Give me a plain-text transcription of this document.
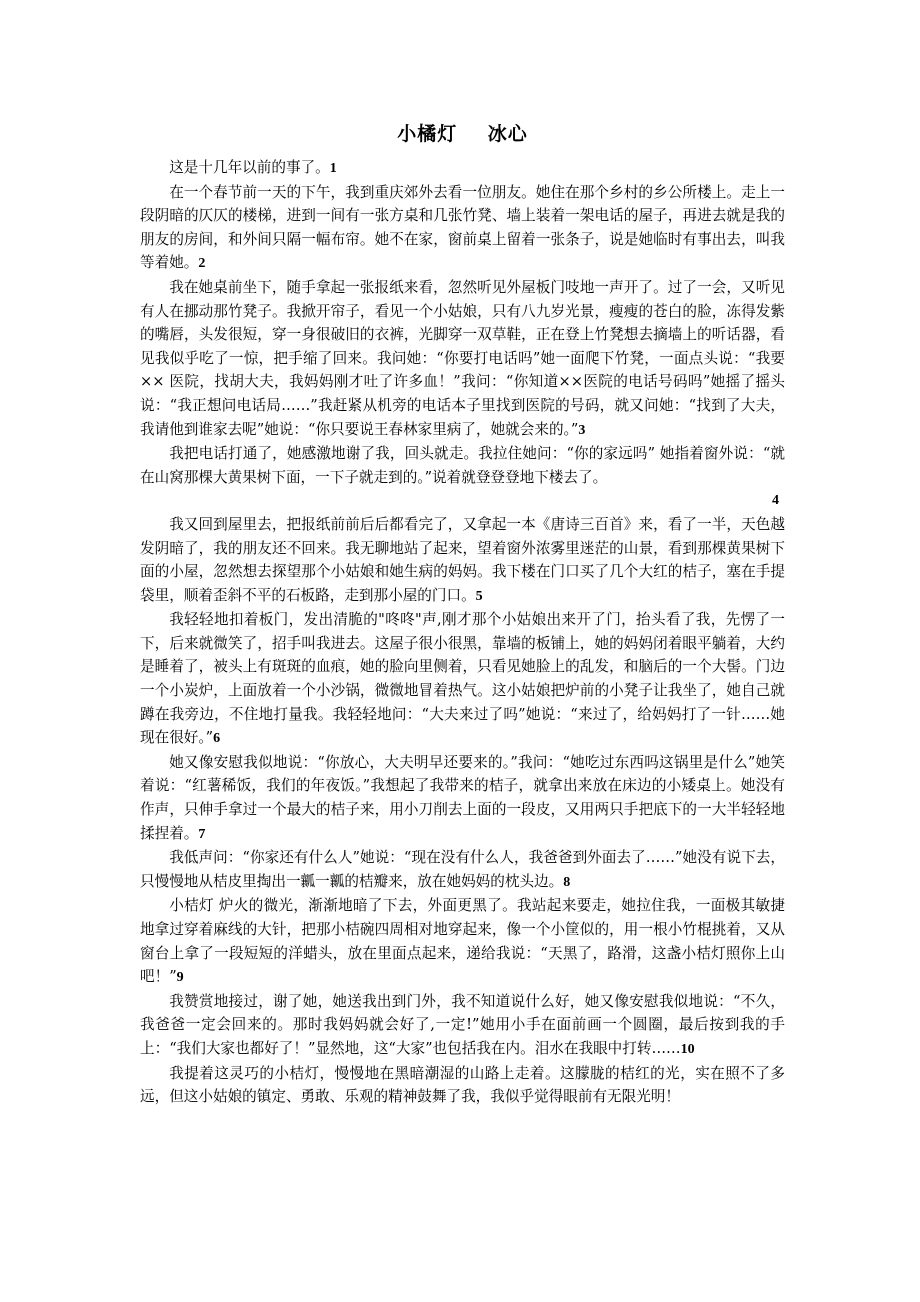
小橘灯    冰心

这是十几年以前的事了。1

在一个春节前一天的下午，我到重庆郊外去看一位朋友。她住在那个乡村的乡公所楼上。走上一段阴暗的仄仄的楼梯，进到一间有一张方桌和几张竹凳、墙上装着一架电话的屋子，再进去就是我的朋友的房间，和外间只隔一幅布帘。她不在家，窗前桌上留着一张条子，说是她临时有事出去，叫我等着她。2

我在她桌前坐下，随手拿起一张报纸来看，忽然听见外屋板门吱地一声开了。过了一会，又听见有人在挪动那竹凳子。我掀开帘子，看见一个小姑娘，只有八九岁光景，瘦瘦的苍白的脸，冻得发紫的嘴唇，头发很短，穿一身很破旧的衣裤，光脚穿一双草鞋，正在登上竹凳想去摘墙上的听话器，看见我似乎吃了一惊，把手缩了回来。我问她：“你要打电话吗”她一面爬下竹凳，一面点头说：“我要×× 医院，找胡大夫，我妈妈刚才吐了许多血！”我问：“你知道××医院的电话号码吗”她摇了摇头说：“我正想问电话局……”我赶紧从机旁的电话本子里找到医院的号码，就又问她：“找到了大夫，我请他到谁家去呢”她说：“你只要说王春林家里病了，她就会来的。”3

我把电话打通了，她感激地谢了我，回头就走。我拉住她问：“你的家远吗” 她指着窗外说：“就在山窝那棵大黄果树下面，一下子就走到的。”说着就登登登地下楼去了。

4

我又回到屋里去，把报纸前前后后都看完了，又拿起一本《唐诗三百首》来，看了一半，天色越发阴暗了，我的朋友还不回来。我无聊地站了起来，望着窗外浓雾里迷茫的山景，看到那棵黄果树下面的小屋，忽然想去探望那个小姑娘和她生病的妈妈。我下楼在门口买了几个大红的桔子，塞在手提袋里，顺着歪斜不平的石板路，走到那小屋的门口。5

我轻轻地扣着板门，发出清脆的"咚咚"声,刚才那个小姑娘出来开了门，抬头看了我，先愣了一下，后来就微笑了，招手叫我进去。这屋子很小很黑，靠墙的板铺上，她的妈妈闭着眼平躺着，大约是睡着了，被头上有斑斑的血痕，她的脸向里侧着，只看见她脸上的乱发，和脑后的一个大髻。门边一个小炭炉，上面放着一个小沙锅，微微地冒着热气。这小姑娘把炉前的小凳子让我坐了，她自己就蹲在我旁边，不住地打量我。我轻轻地问：“大夫来过了吗”她说：“来过了，给妈妈打了一针……她现在很好。”6

她又像安慰我似地说：“你放心，大夫明早还要来的。”我问：“她吃过东西吗这锅里是什么”她笑着说：“红薯稀饭，我们的年夜饭。”我想起了我带来的桔子，就拿出来放在床边的小矮桌上。她没有作声，只伸手拿过一个最大的桔子来，用小刀削去上面的一段皮，又用两只手把底下的一大半轻轻地揉捏着。7

我低声问：“你家还有什么人”她说：“现在没有什么人，我爸爸到外面去了……”她没有说下去，只慢慢地从桔皮里掏出一瓤一瓤的桔瓣来，放在她妈妈的枕头边。8

小桔灯 炉火的微光，渐渐地暗了下去，外面更黑了。我站起来要走，她拉住我，一面极其敏捷地拿过穿着麻线的大针，把那小桔碗四周相对地穿起来，像一个小筐似的，用一根小竹棍挑着，又从窗台上拿了一段短短的洋蜡头，放在里面点起来，递给我说：“天黑了，路滑，这盏小桔灯照你上山吧！”9

我赞赏地接过，谢了她，她送我出到门外，我不知道说什么好，她又像安慰我似地说：“不久，我爸爸一定会回来的。那时我妈妈就会好了,一定!”她用小手在面前画一个圆圈，最后按到我的手上：“我们大家也都好了！”显然地，这“大家”也包括我在内。泪水在我眼中打转……10

我提着这灵巧的小桔灯，慢慢地在黑暗潮湿的山路上走着。这朦胧的桔红的光，实在照不了多远，但这小姑娘的镇定、勇敢、乐观的精神鼓舞了我，我似乎觉得眼前有无限光明！
